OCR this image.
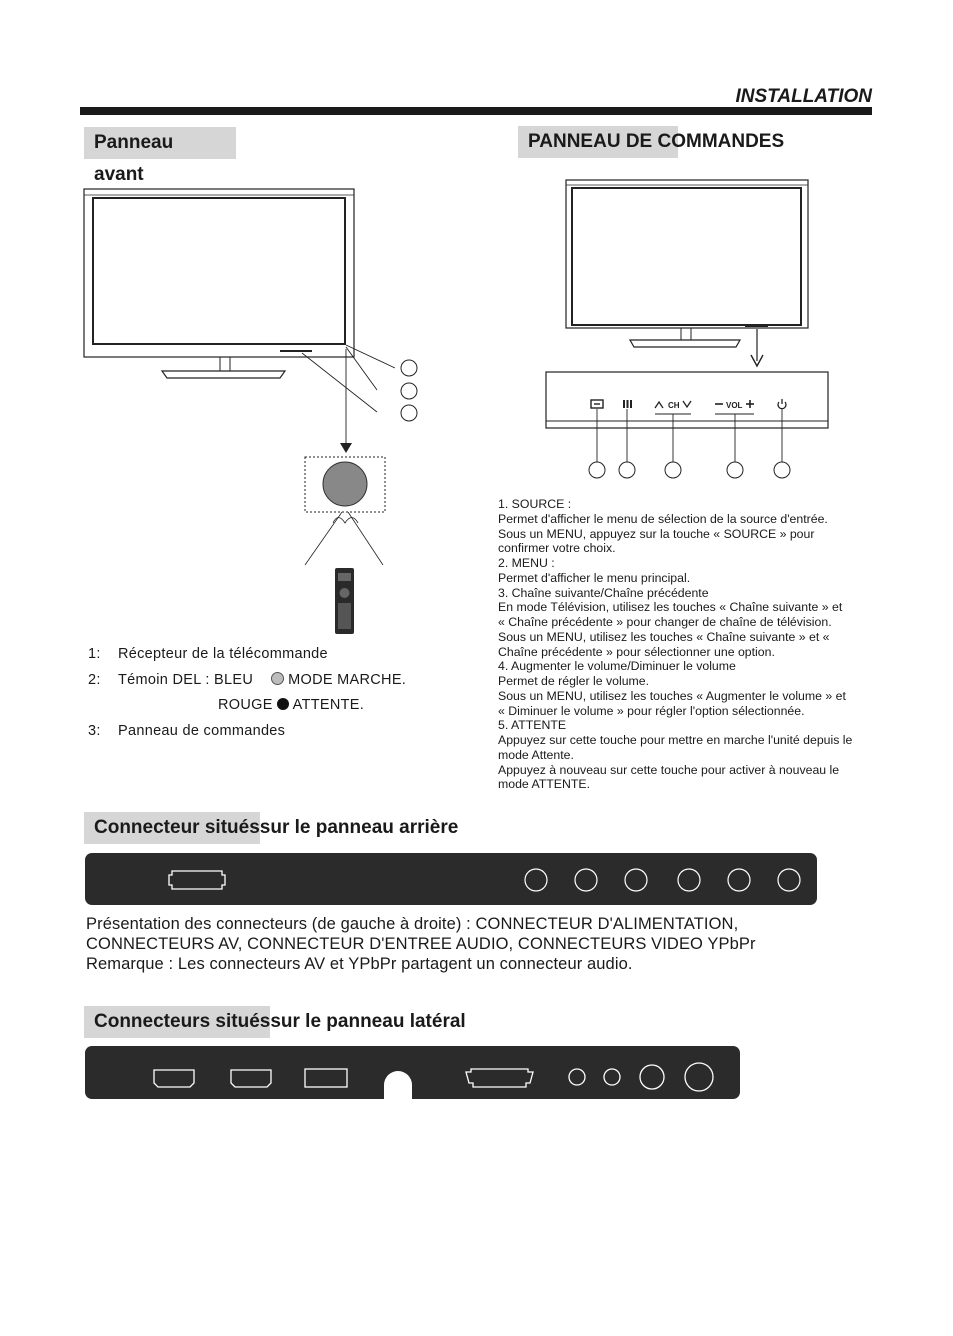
INSTALLATION
Panneau avant
PANNEAU DE COMMANDES
1: Récepteur de la télécommande
2: Témoin DEL : BLEU MODE MARCHE.
ROUGE ATTENTE.
3: Panneau de commandes
CH	VOL
1. SOURCE :
Permet d'afficher le menu de sélection de la source d'entrée.
Sous un MENU, appuyez sur la touche « SOURCE » pour
confirmer votre choix.
2. MENU :
Permet d'afficher le menu principal.
3. Chaîne suivante/Chaîne précédente
En mode Télévision, utilisez les touches « Chaîne suivante » et
« Chaîne précédente » pour changer de chaîne de télévision.
Sous un MENU, utilisez les touches « Chaîne suivante » et «
Chaîne précédente » pour sélectionner une option.
4. Augmenter le volume/Diminuer le volume
Permet de régler le volume.
Sous un MENU, utilisez les touches « Augmenter le volume » et
« Diminuer le volume » pour régler l'option sélectionnée.
5. ATTENTE
Appuyez sur cette touche pour mettre en marche l'unité depuis le
mode Attente.
Appuyez à nouveau sur cette touche pour activer à nouveau le
mode ATTENTE.
Connecteur situéssur le panneau arrière
Présentation des connecteurs (de gauche à droite) : CONNECTEUR D'ALIMENTATION,
CONNECTEURS AV, CONNECTEUR D'ENTREE AUDIO, CONNECTEURS VIDEO YPbPr
Remarque : Les connecteurs AV et YPbPr partagent un connecteur audio.
Connecteurs situéssur le panneau latéral
